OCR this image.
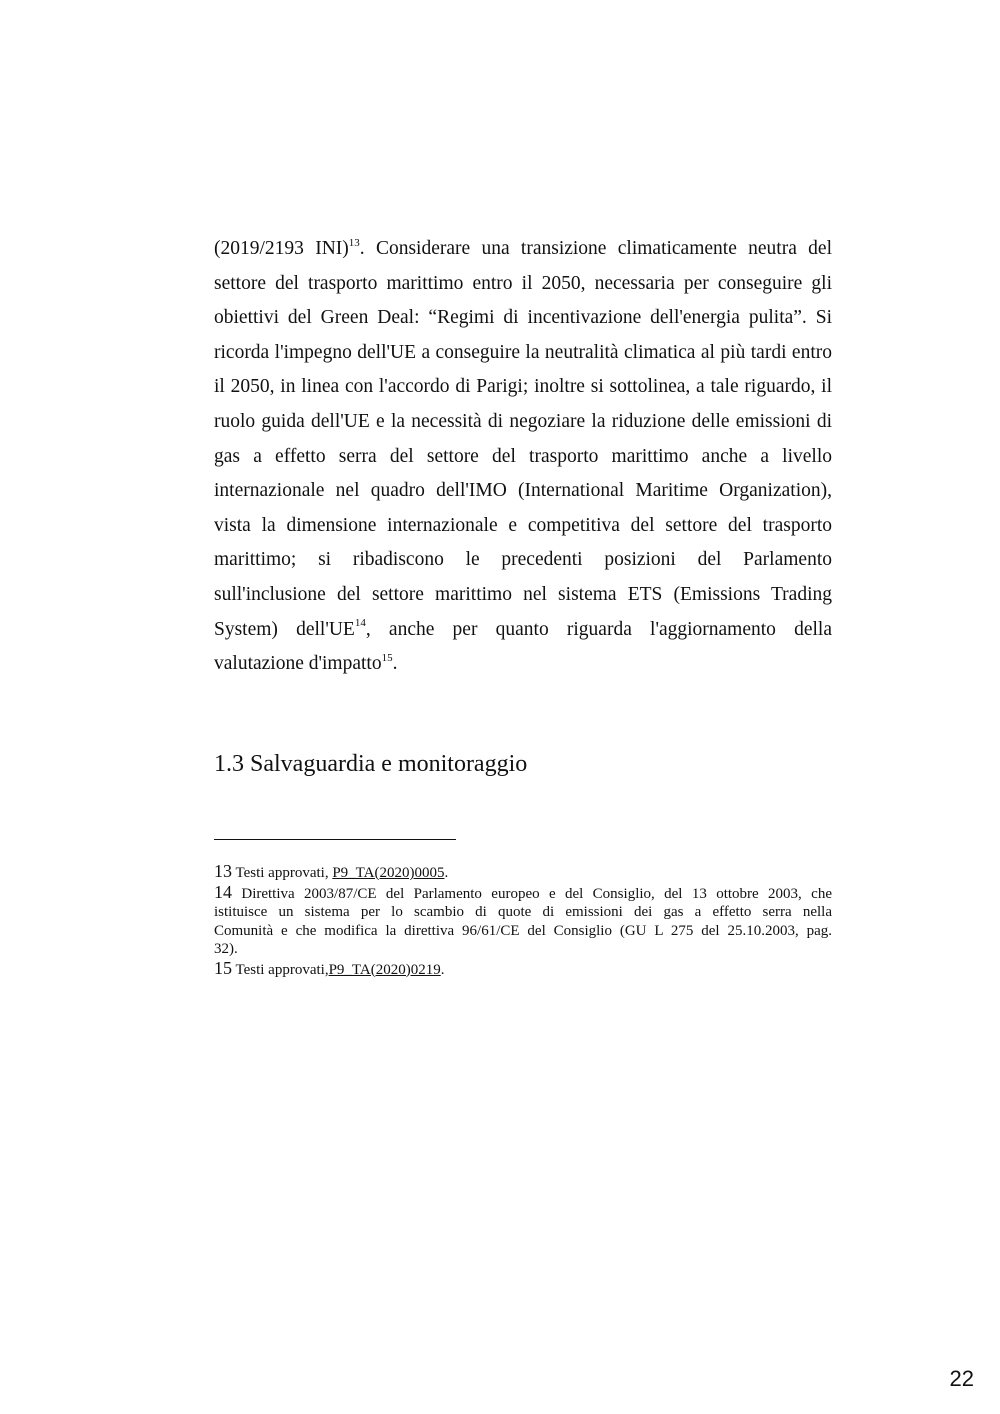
(2019/2193 INI)$^{13}$. Considerare una transizione climaticamente neutra del
settore del trasporto marittimo entro il 2050, necessaria per conseguire gli
obiettivi del Green Deal: “Regimi di incentivazione dell'energia pulita”. Si
ricorda l'impegno dell'UE a conseguire la neutralità climatica al più tardi entro
il 2050, in linea con l'accordo di Parigi; inoltre si sottolinea, a tale riguardo, il
ruolo guida dell'UE e la necessità di negoziare la riduzione delle emissioni di
gas a effetto serra del settore del trasporto marittimo anche a livello
internazionale nel quadro dell'IMO (International Maritime Organization),
vista la dimensione internazionale e competitiva del settore del trasporto
marittimo; si ribadiscono le precedenti posizioni del Parlamento
sull'inclusione del settore marittimo nel sistema ETS (Emissions Trading
System) dell'UE$^{14}$, anche per quanto riguarda l'aggiornamento della
valutazione d'impatto$^{15}$.
1.3 Salvaguardia e monitoraggio

13 Testi approvati, P9_TA(2020)0005.

14 Direttiva 2003/87/CE del Parlamento europeo e del Consiglio, del 13 ottobre 2003, che
istituisce un sistema per lo scambio di quote di emissioni dei gas a effetto serra nella
Comunità e che modifica la direttiva 96/61/CE del Consiglio (GU L 275 del 25.10.2003, pag.
32).

15 Testi approvati,P9_TA(2020)0219.

22
